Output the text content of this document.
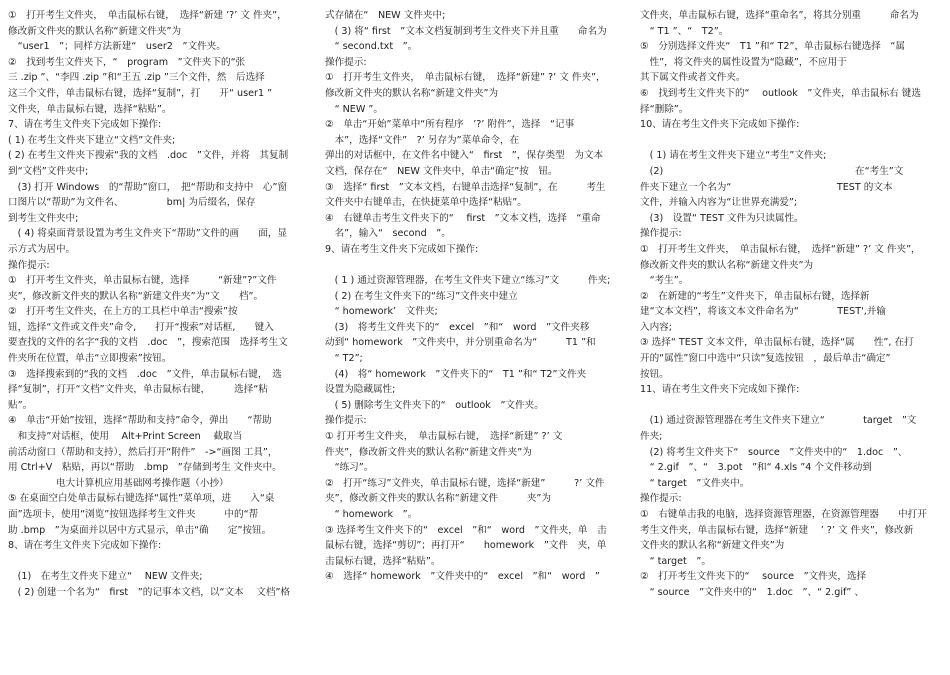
①　打开考生文件夹，　单击鼠标右键，　选择“新建 ’?’ 文 件夹”，
修改新文件夹的默认名称“新建文件夹”为
　“user1　”；同样方法新建“　user2　”文件夹。
②　找到考生文件夹下，“　program　”文件夹下的“张
三 .zip ”、“李四 .zip ”和“王五 .zip ”三个文件，然　后选择
这三个文件，单击鼠标右键，选择“复制”，打　　开“ user1 ”
文件夹，单击鼠标右键，选择“粘贴”。
7、请在考生文件夹下完成如下操作:
( 1) 在考生文件夹下建立“文档”文件夹;
( 2) 在考生文件夹下搜索“我的文档　.doc　”文件，并将　其复制
到“文档”文件夹中;
　(3) 打开 Windows　的“帮助”窗口，　把“帮助和支持中　心”窗
口图片以“帮助”为文件名、　　　　　bm| 为后缀名，保存
到考生文件夹中;
　( 4) 将桌面背景设置为考生文件夹下“帮助”文件的画　　面，显
示方式为居中。
操作提示:
①　打开考生文件夹，单击鼠标右键，选择　　　“新建”?”文件
夹”，修改新文件夹的默认名称“新建文件夹”为“文　　档”。
②　打开考生文件夹，在上方的工具栏中单击“搜索”按
钮，选择“文件或文件夹”命令,　　打开“搜索”对话框,　　键入
要查找的文件的名字“我的文档　.doc　”，搜索范围　选择考生文
件夹所在位置，单击“立即搜索”按钮。
③　选择搜索到的“我的文档　.doc　”文件，单击鼠标右键，　选
择“复制”，打开“文档”文件夹，单击鼠标右键，　　　选择“粘
贴”。
④　单击“开始”按钮，选择“帮助和支持”命令，弹出　　“帮助
　和支持”对话框，使用　 Alt+Print Screen　 截取当
前活动窗口（帮助和支持），然后打开“附件”　->“画图 工具”，
用 Ctrl+V　粘贴，再以“帮助　.bmp　”存储到考生 文件夹中。
　　　　　电大计算机应用基础网考操作题（小抄）
⑤ 在桌面空白处单击鼠标右键选择“属性”菜单项，进　　入“桌
面”选项卡，使用“浏览”按钮选择考生文件夹　　　中的“帮
助 .bmp　”为桌面并以居中方式显示，单击“确　　定”按钮。
8、请在考生文件夹下完成如下操作:
　(1)　在考生文件夹下建立“　 NEW 文件夹;
　( 2) 创建一个名为“　first　”的记事本文档，以“文本　 文档”格
式存储在“　NEW 文件夹中;
　( 3) 将“ first　”文本文档复制到考生文件夹下并且重　　命名为
　“ second.txt　”。
操作提示:
①　打开考生文件夹，　单击鼠标右键，　选择“新建” ?’ 文 件夹”，
修改新文件夹的默认名称“新建文件夹”为
　“ NEW ”。
②　单击“开始”菜单中“所有程序　’?’ 附件”，选择　“记事
　本”，选择“文件”　?’ 另存为”菜单命令，在
弹出的对话框中，在文件名中键入“　first　”，保存类型　为文本
文档，保存在“　NEW 文件夹中，单击“确定”按　钮。
③　选择“ first　”文本文档，右键单击选择“复制”，在　　　考生
文件夹中右键单击，在快捷菜单中选择“粘贴”。
④　右键单击考生文件夹下的“　 first　”文本文档，选择　“重命
　名”，输入“　second　”。
9、请在考生文件夹下完成如下操作:
　( 1 ) 通过资源管理器，在考生文件夹下建立“练习”文　　　件夹;
　( 2) 在考生文件夹下的“练习”文件夹中建立
　“ homework’　文件夹;
　(3)　将考生文件夹下的“　excel　”和“　word　”文件夹移
动到“ homework　”文件夹中，并分别重命名为“　　　T1 ”和
　“ T2”;
　(4)　将“ homework　”文件夹下的“　T1 ”和“ T2”文件夹
设置为隐藏属性;
　( 5) 删除考生文件夹下的“　outlook　”文件夹。
操作提示:
① 打开考生文件夹，　单击鼠标右键，　选择“新建” ?’ 文
件夹”，修改新文件夹的默认名称“新建文件夹”为
　“练习”。
②　打开“练习”文件夹，单击鼠标右键，选择“新建”　　　?’ 文件
夹”，修改新文件夹的默认名称“新建文件　　　夹”为
　“ homework　”。
③ 选择考生文件夹下的“　excel　”和“　word　”文件夹，单　击
鼠标右键，选择“剪切”；再打开“　　homework　”文件　夹，单
击鼠标右键，选择“粘贴”。
④　选择“ homework　”文件夹中的“　excel　”和“　word　”
文件夹，单击鼠标右键，选择“重命名”，将其分别重　　　命名为
　“ T1 ”、“　T2”。
⑤　分别选择文件夹“　T1 ”和“ T2”，单击鼠标右键选择　“属
　性”，将文件夹的属性设置为“隐藏”，不应用于
其下属文件或者文件夹。
⑥　找到考生文件夹下的“　 outlook　”文件夹，单击鼠标右 键选
择“删除”。
10、请在考生文件夹下完成如下操作:
　( 1) 请在考生文件夹下建立“考生”文件夹;
　(2)　　　　　　　　　　　　　　　　　　　　在“考生”文
件夹下建立一个名为“　　　　　　　　　　　TEST 的文本
文件，并输入内容为“让世界充满爱”;
　(3)　设置“ TEST 文件为只读属性。
操作提示:
①　打开考生文件夹，　单击鼠标右键，　选择“新建” ?’ 文 件夹”，
修改新文件夹的默认名称“新建文件夹”为
　“考生”。
②　在新建的“考生”文件夹下，单击鼠标右键，选择新
建“文本文档”，将该文本文件命名为“　　　　TEST',并输
入内容;
③ 选择“ TEST 文本文件，单击鼠标右键，选择“属　　性”, 在打
开的“属性”窗口中选中“只读”复选按钮　，最后单击“确定”
按钮。
11、请在考生文件夹下完成如下操作:
　(1) 通过资源管理器在考生文件夹下建立“　　　　target　”文
件夹;
　(2) 将考生文件夹下“　source　”文件夹中的“　1.doc　”、
　“ 2.gif　”、“　3.pot　”和“ 4.xls ”4 个文件移动到
　“ target　”文件夹中。
操作提示:
①　右键单击我的电脑，选择资源管理器，在资源管理器　　中打开
考生文件夹，单击鼠标右键，选择“新建　 ’ ?’ 文 件夹”，修改新
文件夹的默认名称“新建文件夹”为
　“ target　”。
②　打开考生文件夹下的“　 source　”文件夹，选择
　“ source　”文件夹中的“　1.doc　”、“ 2.gif” 、
